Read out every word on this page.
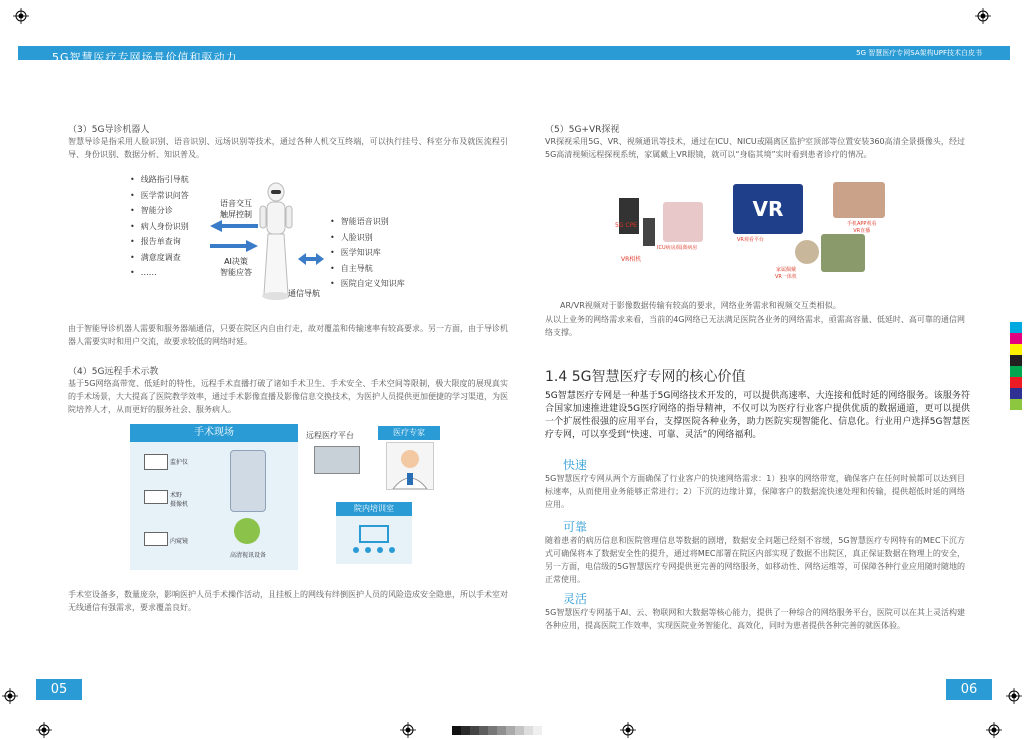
5G智慧医疗专网场景价值和驱动力	5G 智慧医疗专网SA架构UPF技术白皮书
（3）5G导诊机器人
智慧导诊是指采用人脸识别、语音识别、远场识别等技术，通过各种人机交互终端，可以执行挂号、科室分布及就医流程引导、身份识别、数据分析、知识普及。
• 线路指引导航
• 医学常识问答
• 智能分诊
• 病人身份识别
• 报告单查询
• 满意度调查
• ……
语音交互
触屏控制
AI决策
智能应答
通信导航
• 智能语音识别
• 人脸识别
• 医学知识库
• 自主导航
• 医院自定义知识库
由于智能导诊机器人需要和服务器端通信，只要在院区内自由行走，故对覆盖和传输速率有较高要求。另一方面，由于导诊机器人需要实时和用户交流，故要求较低的网络时延。
（4）5G远程手术示教
基于5G网络高带宽、低延时的特性，远程手术直播打破了诸如手术卫生、手术安全、手术空间等限制，极大限度的展现真实的手术场景，大大提高了医院教学效率，通过手术影像直播及影像信息交换技术，为医护人员提供更加便捷的学习渠道，为医院培养人才，从而更好的服务社会、服务病人。
手术现场
监护仪
术野
摄像机
内窥镜
高清视讯设备
远程医疗平台	医疗专家
院内培训室
手术室设备多，数量庞杂，影响医护人员手术操作活动，且挂板上的网线有绊倒医护人员的风险造成安全隐患，所以手术室对无线通信有强需求，要求覆盖良好。
05
（5）5G+VR探视
VR探视采用5G、VR、视频通讯等技术，通过在ICU、NICU或隔离区监护室顶部等位置安装360高清全景摄像头，经过5G高清视频远程探视系统，家属戴上VR眼镜，就可以“身临其境”实时看到患者诊疗的情况。
5G CPE
VR相机
ICU病房/隔离病房
VR
VR观看平台
手机APP观看
VR直播
家属佩戴
VR一体机
AR/VR视频对于影像数据传输有较高的要求，网络业务需求和视频交互类相似。
从以上业务的网络需求来看，当前的4G网络已无法满足医院各业务的网络需求，亟需高容量、低延时、高可靠的通信网络支撑。
1.4 5G智慧医疗专网的核心价值
5G智慧医疗专网是一种基于5G网络技术开发的，可以提供高速率、大连接和低时延的网络服务。该服务符合国家加速推进建设5G医疗网络的指导精神，不仅可以为医疗行业客户提供优质的数据通道，更可以提供一个扩展性很强的应用平台，支撑医院各种业务，助力医院实现智能化、信息化。行业用户选择5G智慧医疗专网，可以享受到“快速、可靠、灵活”的网络福利。
快速
5G智慧医疗专网从两个方面确保了行业客户的快速网络需求：1）独享的网络带宽，确保客户在任何时候都可以达到目标速率，从而使用业务能够正常进行；2）下沉的边缘计算，保障客户的数据流快速处理和传输，提供超低时延的网络应用。
可靠
随着患者的病历信息和医院管理信息等数据的剧增，数据安全问题已经刻不容缓，5G智慧医疗专网特有的MEC下沉方式可确保将本了数据安全性的提升，通过将MEC部署在院区内部实现了数据不出院区，真正保证数据在物理上的安全，另一方面，电信级的5G智慧医疗专网提供更完善的网络服务，如移动性、网络运维等，可保障各种行业应用随时随地的正常使用。
灵活
5G智慧医疗专网基于AI、云、物联网和大数据等核心能力，提供了一种综合的网络服务平台，医院可以在其上灵活构建各种应用，提高医院工作效率，实现医院业务智能化、高效化，同时为患者提供各种完善的就医体验。
06
